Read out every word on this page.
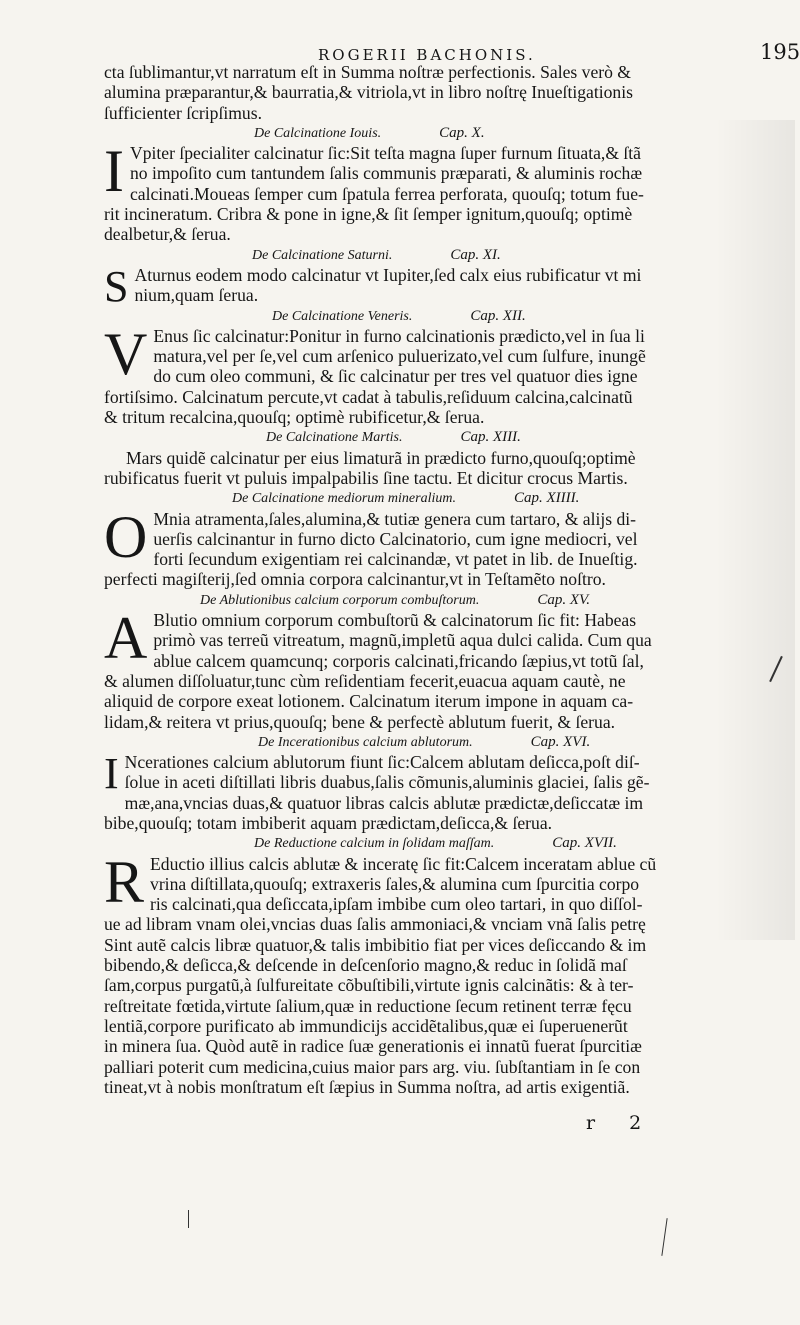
ROGERII BACHONIS.	195
cta ſublimantur,vt narratum eſt in Summa noſtræ perfectionis. Sales verò &
alumina præparantur,& baurratia,& vitriola,vt in libro noſtrę Inueſtigationis
ſufficienter ſcripſimus.
De Calcinatione Iouis.	Cap. X.
I Vpiter ſpecialiter calcinatur ſic:Sit teſta magna ſuper furnum ſituata,& ſtã
no impoſito cum tantundem ſalis communis præparati, & aluminis rochæ
calcinati.Moueas ſemper cum ſpatula ferrea perforata, quouſq; totum fue-
rit incineratum. Cribra & pone in igne,& ſit ſemper ignitum,quouſq; optimè
dealbetur,& ſerua.
De Calcinatione Saturni.	Cap. XI.
S Aturnus eodem modo calcinatur vt Iupiter,ſed calx eius rubificatur vt mi
nium,quam ſerua.
De Calcinatione Veneris.	Cap. XII.
V Enus ſic calcinatur:Ponitur in furno calcinationis prædicto,vel in ſua li
matura,vel per ſe,vel cum arſenico puluerizato,vel cum ſulfure, inungẽ
do cum oleo communi, & ſic calcinatur per tres vel quatuor dies igne
fortiſsimo. Calcinatum percute,vt cadat à tabulis,reſiduum calcina,calcinatũ
& tritum recalcina,quouſq; optimè rubificetur,& ſerua.
De Calcinatione Martis.	Cap. XIII.
Mars quidẽ calcinatur per eius limaturã in prædicto furno,quouſq;optimè
rubificatus fuerit vt puluis impalpabilis ſine tactu. Et dicitur crocus Martis.
De Calcinatione mediorum mineralium.	Cap. XIIII.
O Mnia atramenta,ſales,alumina,& tutiæ genera cum tartaro, & alijs di-
uerſis calcinantur in furno dicto Calcinatorio, cum igne mediocri, vel
forti ſecundum exigentiam rei calcinandæ, vt patet in lib. de Inueſtig.
perfecti magiſterij,ſed omnia corpora calcinantur,vt in Teſtamẽto noſtro.
De Ablutionibus calcium corporum combuſtorum.	Cap. XV.
A Blutio omnium corporum combuſtorũ & calcinatorum ſic fit: Habeas
primò vas terreũ vitreatum, magnũ,impletũ aqua dulci calida. Cum qua
ablue calcem quamcunq; corporis calcinati,fricando ſæpius,vt totũ ſal,
& alumen diſſoluatur,tunc cùm reſidentiam fecerit,euacua aquam cautè, ne
aliquid de corpore exeat lotionem. Calcinatum iterum impone in aquam ca-
lidam,& reitera vt prius,quouſq; bene & perfectè ablutum fuerit, & ſerua.
De Incerationibus calcium ablutorum.	Cap. XVI.
I Ncerationes calcium ablutorum fiunt ſic:Calcem ablutam deſicca,poſt diſ-
ſolue in aceti diſtillati libris duabus,ſalis cõmunis,aluminis glaciei, ſalis gẽ-
mæ,ana,vncias duas,& quatuor libras calcis ablutæ prædictæ,deſiccatæ im
bibe,quouſq; totam imbiberit aquam prædictam,deſicca,& ſerua.
De Reductione calcium in ſolidam maſſam.	Cap. XVII.
R Eductio illius calcis ablutæ & inceratę ſic fit:Calcem inceratam ablue cũ
vrina diſtillata,quouſq; extraxeris ſales,& alumina cum ſpurcitia corpo
ris calcinati,qua deſiccata,ipſam imbibe cum oleo tartari, in quo diſſol-
ue ad libram vnam olei,vncias duas ſalis ammoniaci,& vnciam vnã ſalis petrę
Sint autẽ calcis libræ quatuor,& talis imbibitio fiat per vices deſiccando & im
bibendo,& deſicca,& deſcende in deſcenſorio magno,& reduc in ſolidã maſ
ſam,corpus purgatũ,à ſulfureitate cõbuſtibili,virtute ignis calcinãtis: & à ter-
reſtreitate fœtida,virtute ſalium,quæ in reductione ſecum retinent terræ fęcu
lentiã,corpore purificato ab immundicijs accidẽtalibus,quæ ei ſuperuenerũt
in minera ſua. Quòd autẽ in radice ſuæ generationis ei innatũ fuerat ſpurcitiæ
palliari poterit cum medicina,cuius maior pars arg. viu. ſubſtantiam in ſe con
tineat,vt à nobis monſtratum eſt ſæpius in Summa noſtra, ad artis exigentiã.
r 2
